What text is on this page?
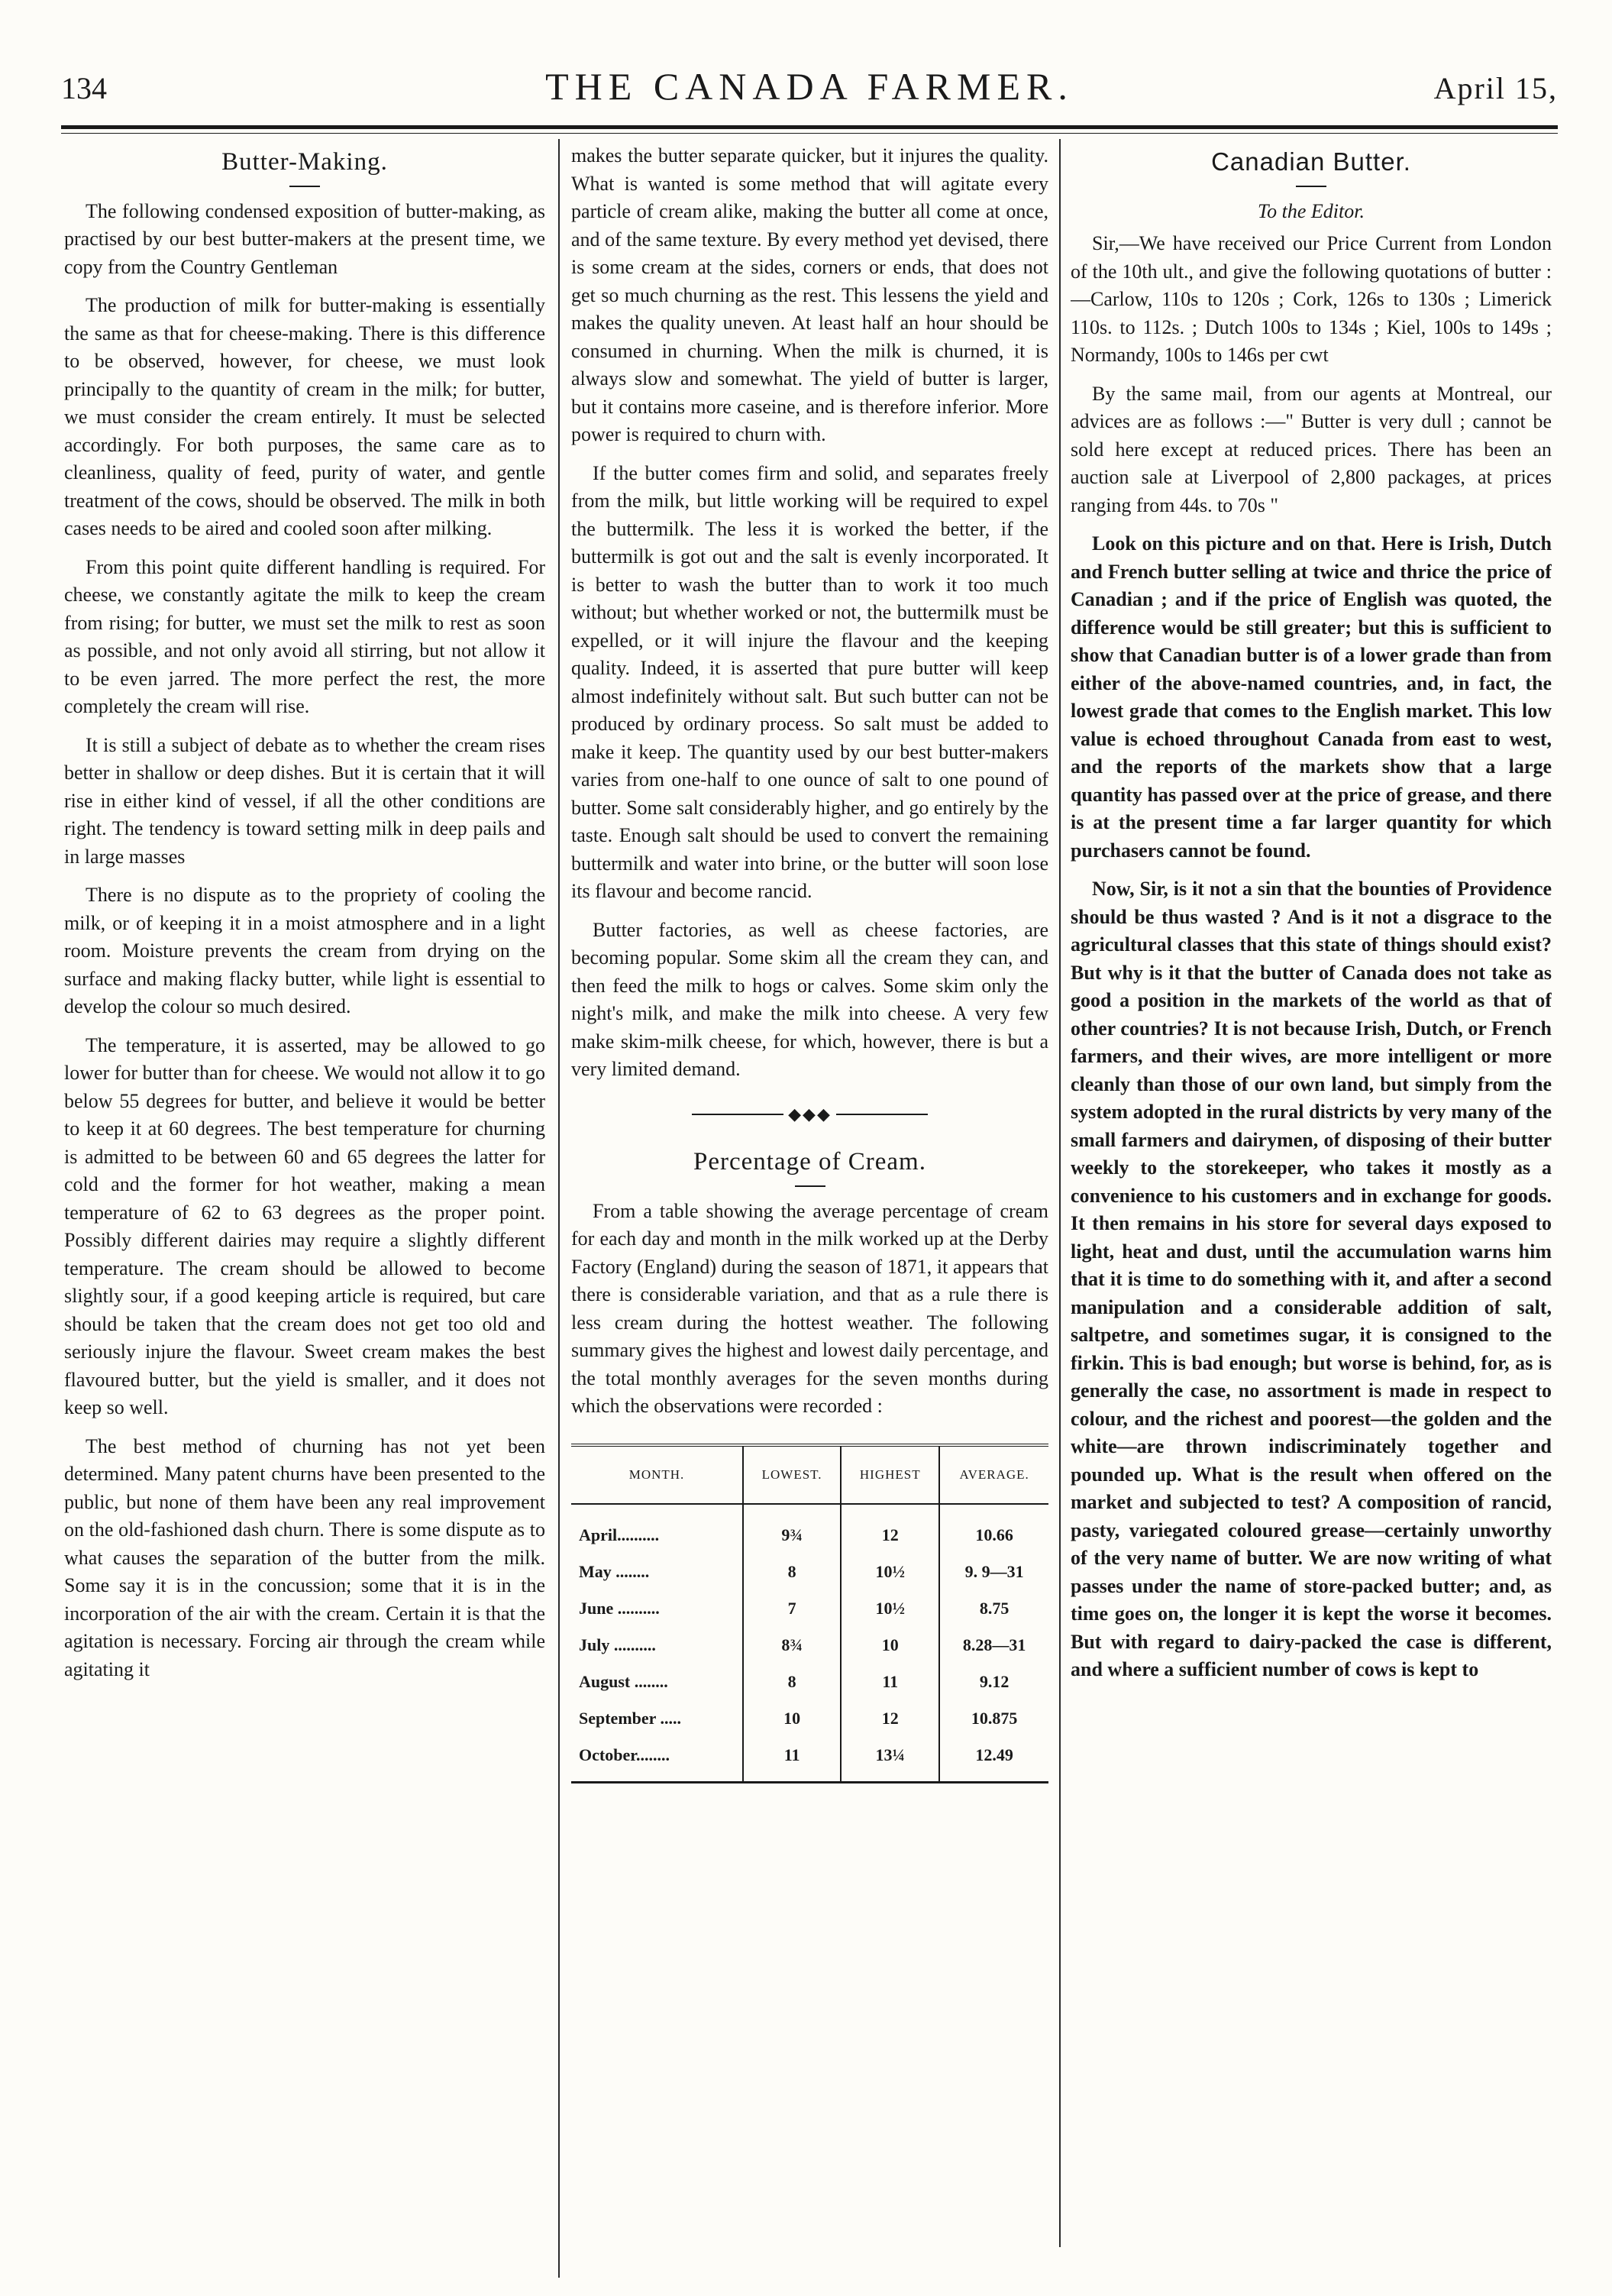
134	THE CANADA FARMER.	April 15,
Butter-Making.

The following condensed exposition of butter-making, as practised by our best butter-makers at the present time, we copy from the Country Gentleman

The production of milk for butter-making is essentially the same as that for cheese-making. There is this difference to be observed, however, for cheese, we must look principally to the quantity of cream in the milk; for butter, we must consider the cream entirely. It must be selected accordingly. For both purposes, the same care as to cleanliness, quality of feed, purity of water, and gentle treatment of the cows, should be observed. The milk in both cases needs to be aired and cooled soon after milking.

From this point quite different handling is required. For cheese, we constantly agitate the milk to keep the cream from rising; for butter, we must set the milk to rest as soon as possible, and not only avoid all stirring, but not allow it to be even jarred. The more perfect the rest, the more completely the cream will rise.

It is still a subject of debate as to whether the cream rises better in shallow or deep dishes. But it is certain that it will rise in either kind of vessel, if all the other conditions are right. The tendency is toward setting milk in deep pails and in large masses

There is no dispute as to the propriety of cooling the milk, or of keeping it in a moist atmosphere and in a light room. Moisture prevents the cream from drying on the surface and making flacky butter, while light is essential to develop the colour so much desired.

The temperature, it is asserted, may be allowed to go lower for butter than for cheese. We would not allow it to go below 55 degrees for butter, and believe it would be better to keep it at 60 degrees. The best temperature for churning is admitted to be between 60 and 65 degrees the latter for cold and the former for hot weather, making a mean temperature of 62 to 63 degrees as the proper point. Possibly different dairies may require a slightly different temperature. The cream should be allowed to become slightly sour, if a good keeping article is required, but care should be taken that the cream does not get too old and seriously injure the flavour. Sweet cream makes the best flavoured butter, but the yield is smaller, and it does not keep so well.

The best method of churning has not yet been determined. Many patent churns have been presented to the public, but none of them have been any real improvement on the old-fashioned dash churn. There is some dispute as to what causes the separation of the butter from the milk. Some say it is in the concussion; some that it is in the incorporation of the air with the cream. Certain it is that the agitation is necessary. Forcing air through the cream while agitating it

makes the butter separate quicker, but it injures the quality. What is wanted is some method that will agitate every particle of cream alike, making the butter all come at once, and of the same texture. By every method yet devised, there is some cream at the sides, corners or ends, that does not get so much churning as the rest. This lessens the yield and makes the quality uneven. At least half an hour should be consumed in churning. When the milk is churned, it is always slow and somewhat. The yield of butter is larger, but it contains more caseine, and is therefore inferior. More power is required to churn with.

If the butter comes firm and solid, and separates freely from the milk, but little working will be required to expel the buttermilk. The less it is worked the better, if the buttermilk is got out and the salt is evenly incorporated. It is better to wash the butter than to work it too much without; but whether worked or not, the buttermilk must be expelled, or it will injure the flavour and the keeping quality. Indeed, it is asserted that pure butter will keep almost indefinitely without salt. But such butter can not be produced by ordinary process. So salt must be added to make it keep. The quantity used by our best butter-makers varies from one-half to one ounce of salt to one pound of butter. Some salt considerably higher, and go entirely by the taste. Enough salt should be used to convert the remaining buttermilk and water into brine, or the butter will soon lose its flavour and become rancid.

Butter factories, as well as cheese factories, are becoming popular. Some skim all the cream they can, and then feed the milk to hogs or calves. Some skim only the night's milk, and make the milk into cheese. A very few make skim-milk cheese, for which, however, there is but a very limited demand.

◆◆◆
Percentage of Cream.

From a table showing the average percentage of cream for each day and month in the milk worked up at the Derby Factory (England) during the season of 1871, it appears that there is considerable variation, and that as a rule there is less cream during the hottest weather. The following summary gives the highest and lowest daily percentage, and the total monthly averages for the seven months during which the observations were recorded :

MONTH.	LOWEST.	HIGHEST	AVERAGE.
April..........	9¾	12	10.66
May ........	8	10½	9. 9—31
June ..........	7	10½	8.75
July ..........	8¾	10	8.28—31
August ........	8	11	9.12
September .....	10	12	10.875
October........	11	13¼	12.49
Canadian Butter.
To the Editor.

Sir,—We have received our Price Current from London of the 10th ult., and give the following quotations of butter :—Carlow, 110s to 120s ; Cork, 126s to 130s ; Limerick 110s. to 112s. ; Dutch 100s to 134s ; Kiel, 100s to 149s ; Normandy, 100s to 146s per cwt

By the same mail, from our agents at Montreal, our advices are as follows :—" Butter is very dull ; cannot be sold here except at reduced prices. There has been an auction sale at Liverpool of 2,800 packages, at prices ranging from 44s. to 70s "

Look on this picture and on that. Here is Irish, Dutch and French butter selling at twice and thrice the price of Canadian ; and if the price of English was quoted, the difference would be still greater; but this is sufficient to show that Canadian butter is of a lower grade than from either of the above-named countries, and, in fact, the lowest grade that comes to the English market. This low value is echoed throughout Canada from east to west, and the reports of the markets show that a large quantity has passed over at the price of grease, and there is at the present time a far larger quantity for which purchasers cannot be found.

Now, Sir, is it not a sin that the bounties of Providence should be thus wasted ? And is it not a disgrace to the agricultural classes that this state of things should exist? But why is it that the butter of Canada does not take as good a position in the markets of the world as that of other countries? It is not because Irish, Dutch, or French farmers, and their wives, are more intelligent or more cleanly than those of our own land, but simply from the system adopted in the rural districts by very many of the small farmers and dairymen, of disposing of their butter weekly to the storekeeper, who takes it mostly as a convenience to his customers and in exchange for goods. It then remains in his store for several days exposed to light, heat and dust, until the accumulation warns him that it is time to do something with it, and after a second manipulation and a considerable addition of salt, saltpetre, and sometimes sugar, it is consigned to the firkin. This is bad enough; but worse is behind, for, as is generally the case, no assortment is made in respect to colour, and the richest and poorest—the golden and the white—are thrown indiscriminately together and pounded up. What is the result when offered on the market and subjected to test? A composition of rancid, pasty, variegated coloured grease—certainly unworthy of the very name of butter. We are now writing of what passes under the name of store-packed butter; and, as time goes on, the longer it is kept the worse it becomes. But with regard to dairy-packed the case is different, and where a sufficient number of cows is kept to
